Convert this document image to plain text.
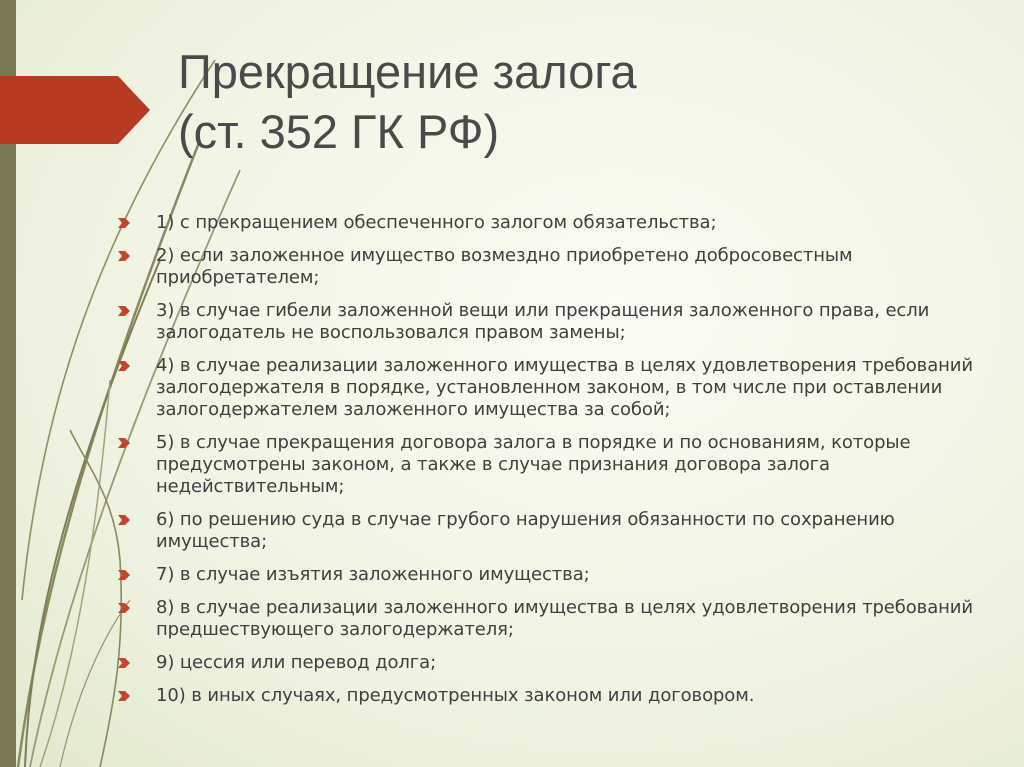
Прекращение залога
(ст. 352 ГК РФ)
1) с прекращением обеспеченного залогом обязательства;
2) если заложенное имущество возмездно приобретено добросовестным приобретателем;
3) в случае гибели заложенной вещи или прекращения заложенного права, если залогодатель не воспользовался правом замены;
4) в случае реализации заложенного имущества в целях удовлетворения требований залогодержателя в порядке, установленном законом, в том числе при оставлении залогодержателем заложенного имущества за собой;
5) в случае прекращения договора залога в порядке и по основаниям, которые предусмотрены законом, а также в случае признания договора залога недействительным;
6) по решению суда в случае грубого нарушения обязанности по сохранению имущества;
7) в случае изъятия заложенного имущества;
8) в случае реализации заложенного имущества в целях удовлетворения требований предшествующего залогодержателя;
9) цессия или перевод долга;
10) в иных случаях, предусмотренных законом или договором.
